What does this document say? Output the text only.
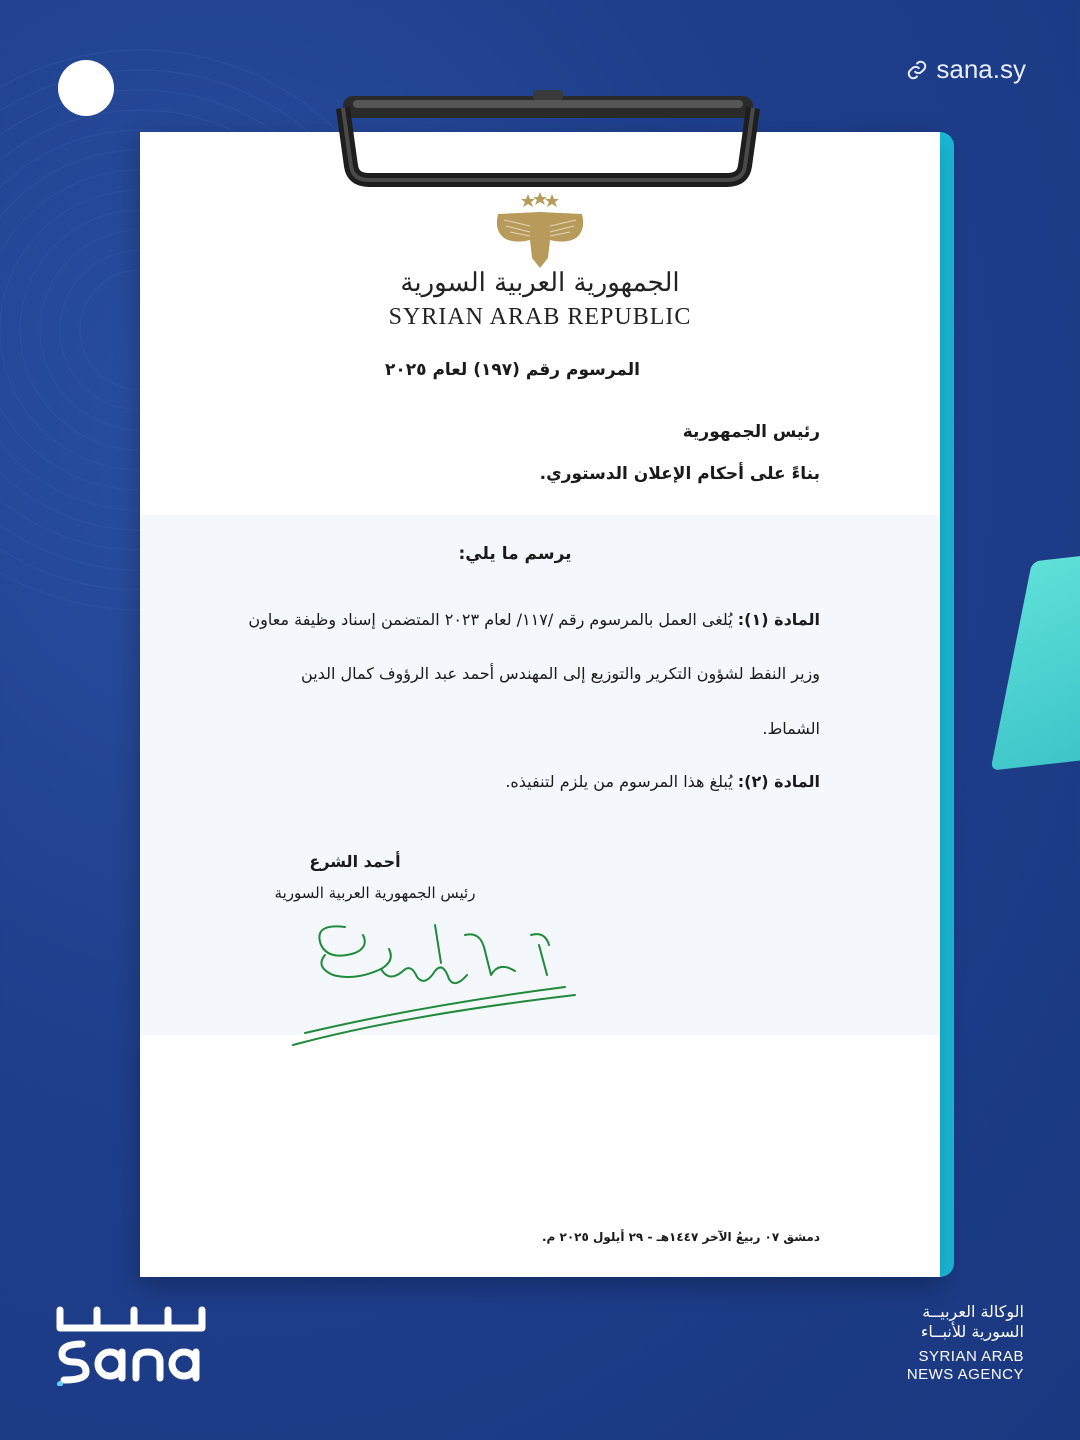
sana.sy
الجمهورية العربية السورية
SYRIAN ARAB REPUBLIC
المرسوم رقم (١٩٧) لعام ٢٠٢٥
رئيس الجمهورية
بناءً على أحكام الإعلان الدستوري.
يرسم ما يلي:
المادة (١): يُلغى العمل بالمرسوم رقم /١١٧/ لعام ٢٠٢٣ المتضمن إسناد وظيفة معاون
وزير النفط لشؤون التكرير والتوزيع إلى المهندس أحمد عبد الرؤوف كمال الدين
الشماط.
المادة (٢): يُبلغ هذا المرسوم من يلزم لتنفيذه.
أحمد الشرع
رئيس الجمهورية العربية السورية
دمشق ٠٧ ربيعُ الآخر ١٤٤٧هـ - ٢٩ أيلول ٢٠٢٥ م.
الوكالة العربيــة
السورية للأنبــاء
SYRIAN ARAB
NEWS AGENCY
